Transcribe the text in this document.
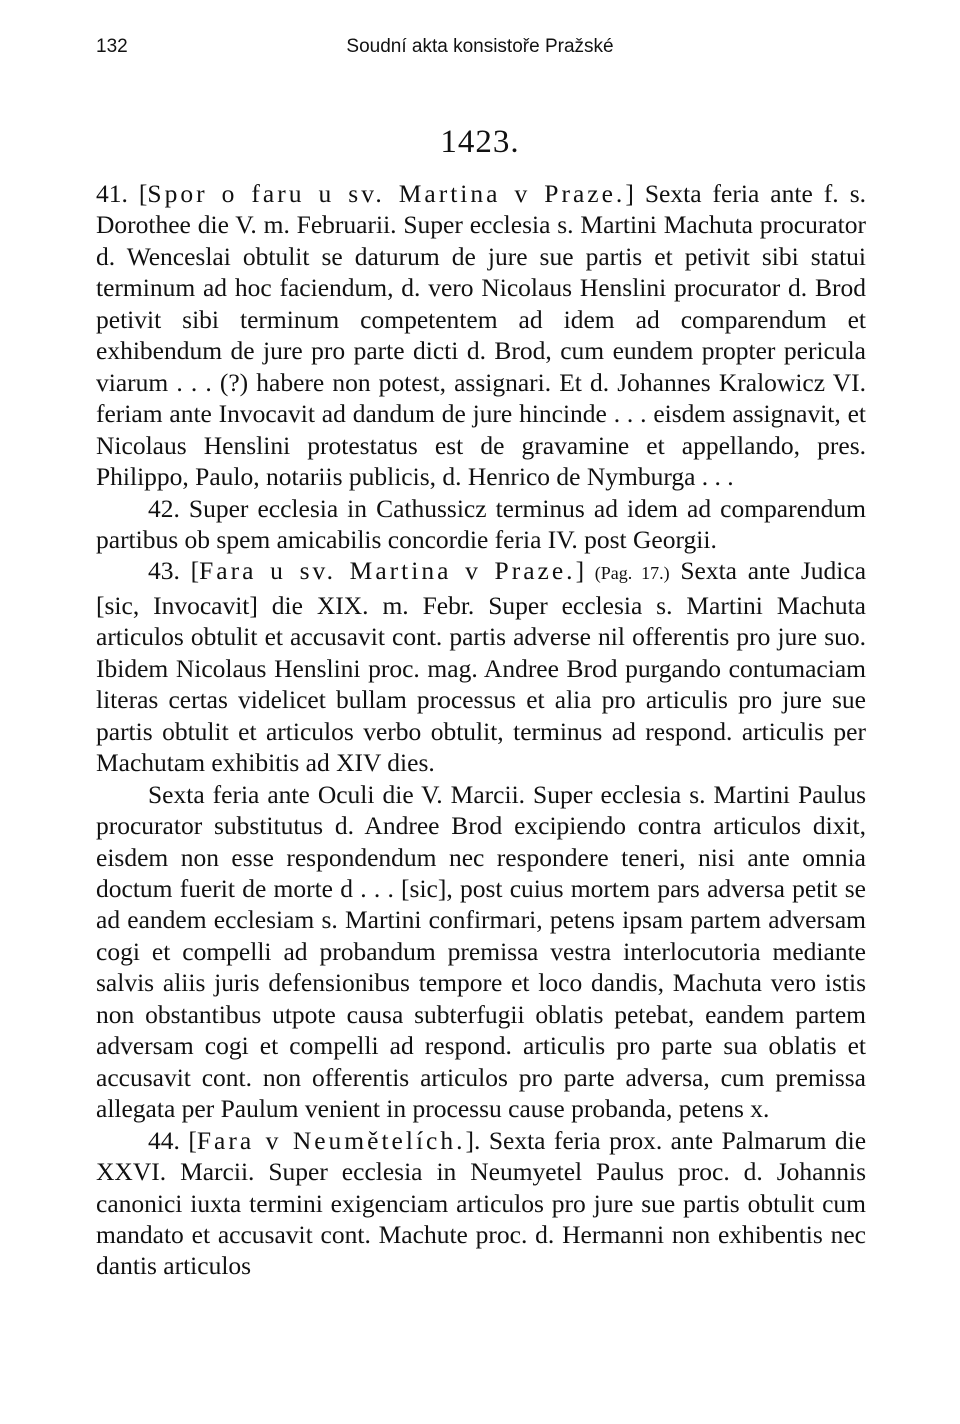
132	Soudní akta konsistoře Pražské
1423.

41. [Spor o faru u sv. Martina v Praze.] Sexta feria ante f. s. Dorothee die V. m. Februarii. Super ecclesia s. Martini Machuta procurator d. Wenceslai obtulit se daturum de jure sue partis et petivit sibi statui terminum ad hoc faciendum, d. vero Nicolaus Henslini procurator d. Brod petivit sibi terminum competentem ad idem ad comparendum et exhibendum de jure pro parte dicti d. Brod, cum eundem propter pericula viarum . . . (?) habere non potest, assignari. Et d. Johannes Kralowicz VI. feriam ante Invocavit ad dandum de jure hincinde . . . eisdem assignavit, et Nicolaus Henslini protestatus est de gravamine et appellando, pres. Philippo, Paulo, notariis publicis, d. Henrico de Nymburga . . .

42. Super ecclesia in Cathussicz terminus ad idem ad comparendum partibus ob spem amicabilis concordie feria IV. post Georgii.

43. [Fara u sv. Martina v Praze.] (Pag. 17.) Sexta ante Judica [sic, Invocavit] die XIX. m. Febr. Super ecclesia s. Martini Machuta articulos obtulit et accusavit cont. partis adverse nil offerentis pro jure suo. Ibidem Nicolaus Henslini proc. mag. Andree Brod purgando contumaciam literas certas videlicet bullam processus et alia pro articulis pro jure sue partis obtulit et articulos verbo obtulit, terminus ad respond. articulis per Machutam exhibitis ad XIV dies.

Sexta feria ante Oculi die V. Marcii. Super ecclesia s. Martini Paulus procurator substitutus d. Andree Brod excipiendo contra articulos dixit, eisdem non esse respondendum nec respondere teneri, nisi ante omnia doctum fuerit de morte d . . . [sic], post cuius mortem pars adversa petit se ad eandem ecclesiam s. Martini confirmari, petens ipsam partem adversam cogi et compelli ad probandum premissa vestra interlocutoria mediante salvis aliis juris defensionibus tempore et loco dandis, Machuta vero istis non obstantibus utpote causa subterfugii oblatis petebat, eandem partem adversam cogi et compelli ad respond. articulis pro parte sua oblatis et accusavit cont. non offerentis articulos pro parte adversa, cum premissa allegata per Paulum venient in processu cause probanda, petens x.

44. [Fara v Neumětelích.]. Sexta feria prox. ante Palmarum die XXVI. Marcii. Super ecclesia in Neumyetel Paulus proc. d. Johannis canonici iuxta termini exigenciam articulos pro jure sue partis obtulit cum mandato et accusavit cont. Machute proc. d. Hermanni non exhibentis nec dantis articulos
